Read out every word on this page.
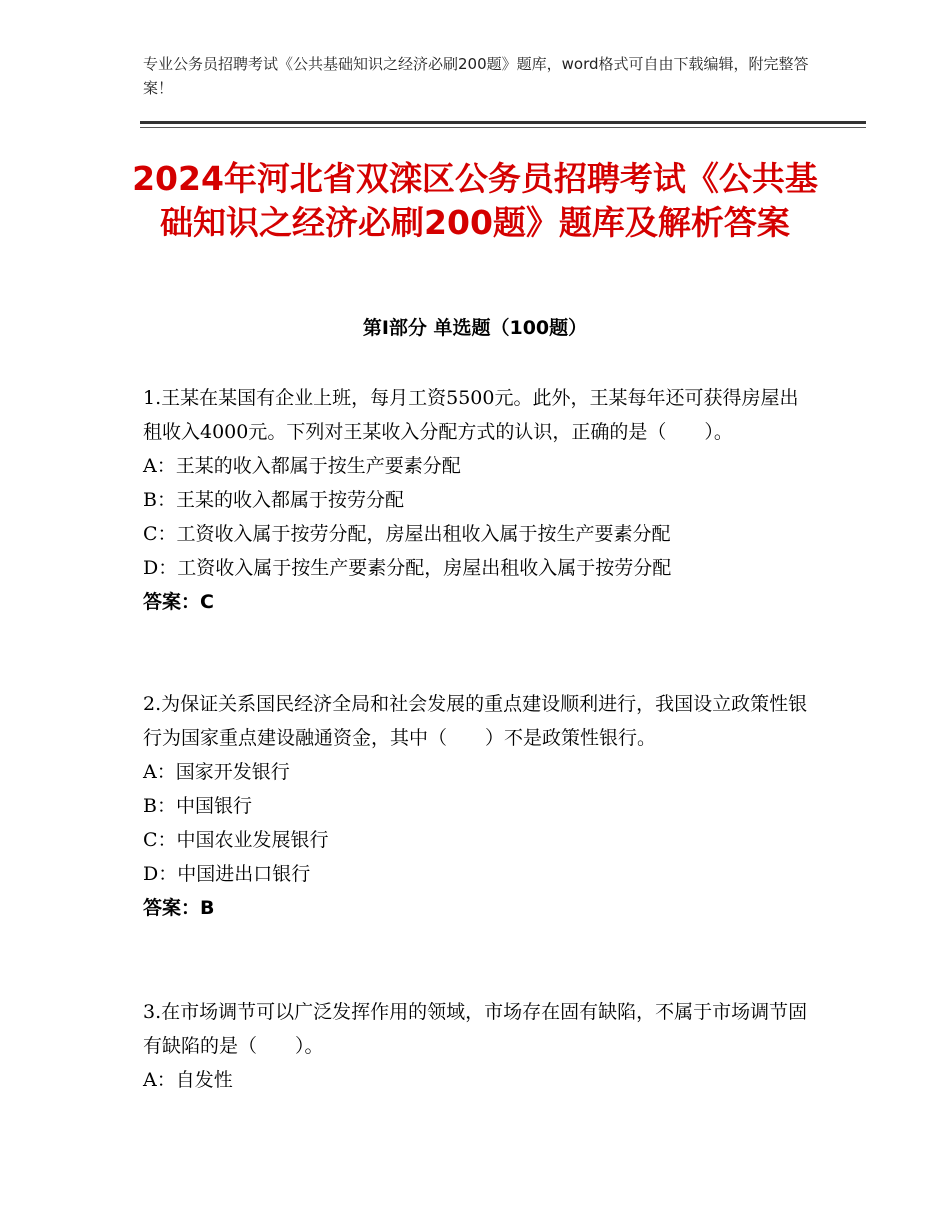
专业公务员招聘考试《公共基础知识之经济必刷200题》题库，word格式可自由下载编辑，附完整答案！
2024年河北省双滦区公务员招聘考试《公共基础知识之经济必刷200题》题库及解析答案
第I部分 单选题（100题）

1.王某在某国有企业上班，每月工资5500元。此外，王某每年还可获得房屋出租收入4000元。下列对王某收入分配方式的认识，正确的是（　　）。

A：王某的收入都属于按生产要素分配

B：王某的收入都属于按劳分配

C：工资收入属于按劳分配，房屋出租收入属于按生产要素分配

D：工资收入属于按生产要素分配，房屋出租收入属于按劳分配

答案：C

2.为保证关系国民经济全局和社会发展的重点建设顺利进行，我国设立政策性银行为国家重点建设融通资金，其中（　　）不是政策性银行。

A：国家开发银行

B：中国银行

C：中国农业发展银行

D：中国进出口银行

答案：B

3.在市场调节可以广泛发挥作用的领域，市场存在固有缺陷，不属于市场调节固有缺陷的是（　　）。

A：自发性
